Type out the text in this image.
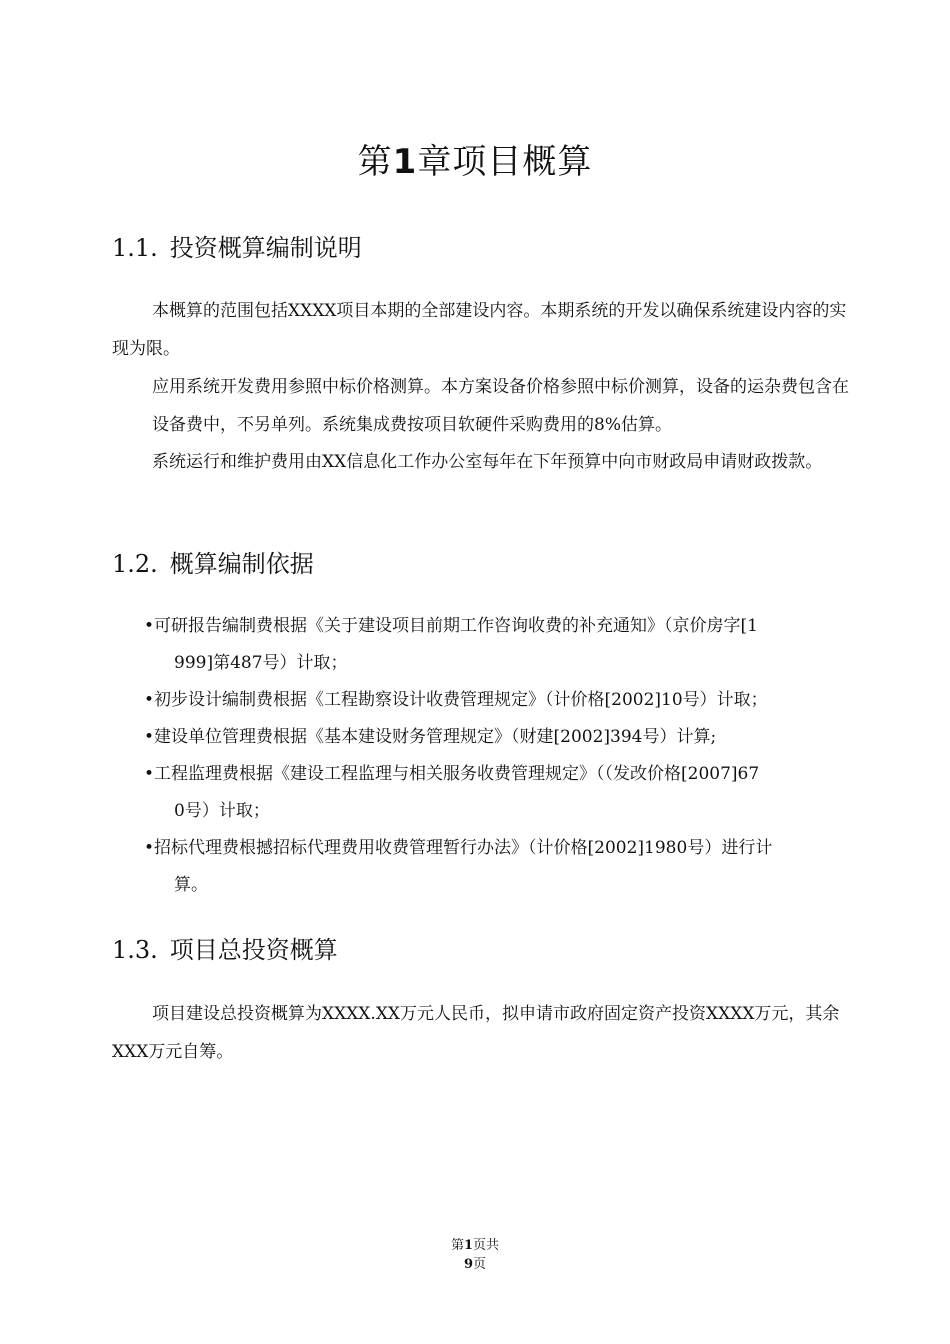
第1章项目概算
1.1. 投资概算编制说明
本概算的范围包括XXXX项目本期的全部建设内容。本期系统的开发以确保系统建设内容的实现为限。
应用系统开发费用参照中标价格测算。本方案设备价格参照中标价测算，设备的运杂费包含在设备费中，不另单列。系统集成费按项目软硬件采购费用的8%估算。
系统运行和维护费用由XX信息化工作办公室每年在下年预算中向市财政局申请财政拨款。
1.2. 概算编制依据
•可研报告编制费根据《关于建设项目前期工作咨询收费的补充通知》（京价房字[1
999]第487号）计取；
•初步设计编制费根据《工程勘察设计收费管理规定》（计价格[2002]10号）计取；
•建设单位管理费根据《基本建设财务管理规定》（财建[2002]394号）计算;
•工程监理费根据《建设工程监理与相关服务收费管理规定》（（发改价格[2007]67
0号）计取；
•招标代理费根撼招标代理费用收费管理暂行办法》（计价格[2002]1980号）进行计
算。
1.3. 项目总投资概算
项目建设总投资概算为XXXX.XX万元人民币，拟申请市政府固定资产投资XXXX万元，其余XXX万元自筹。
第1页共
9页
